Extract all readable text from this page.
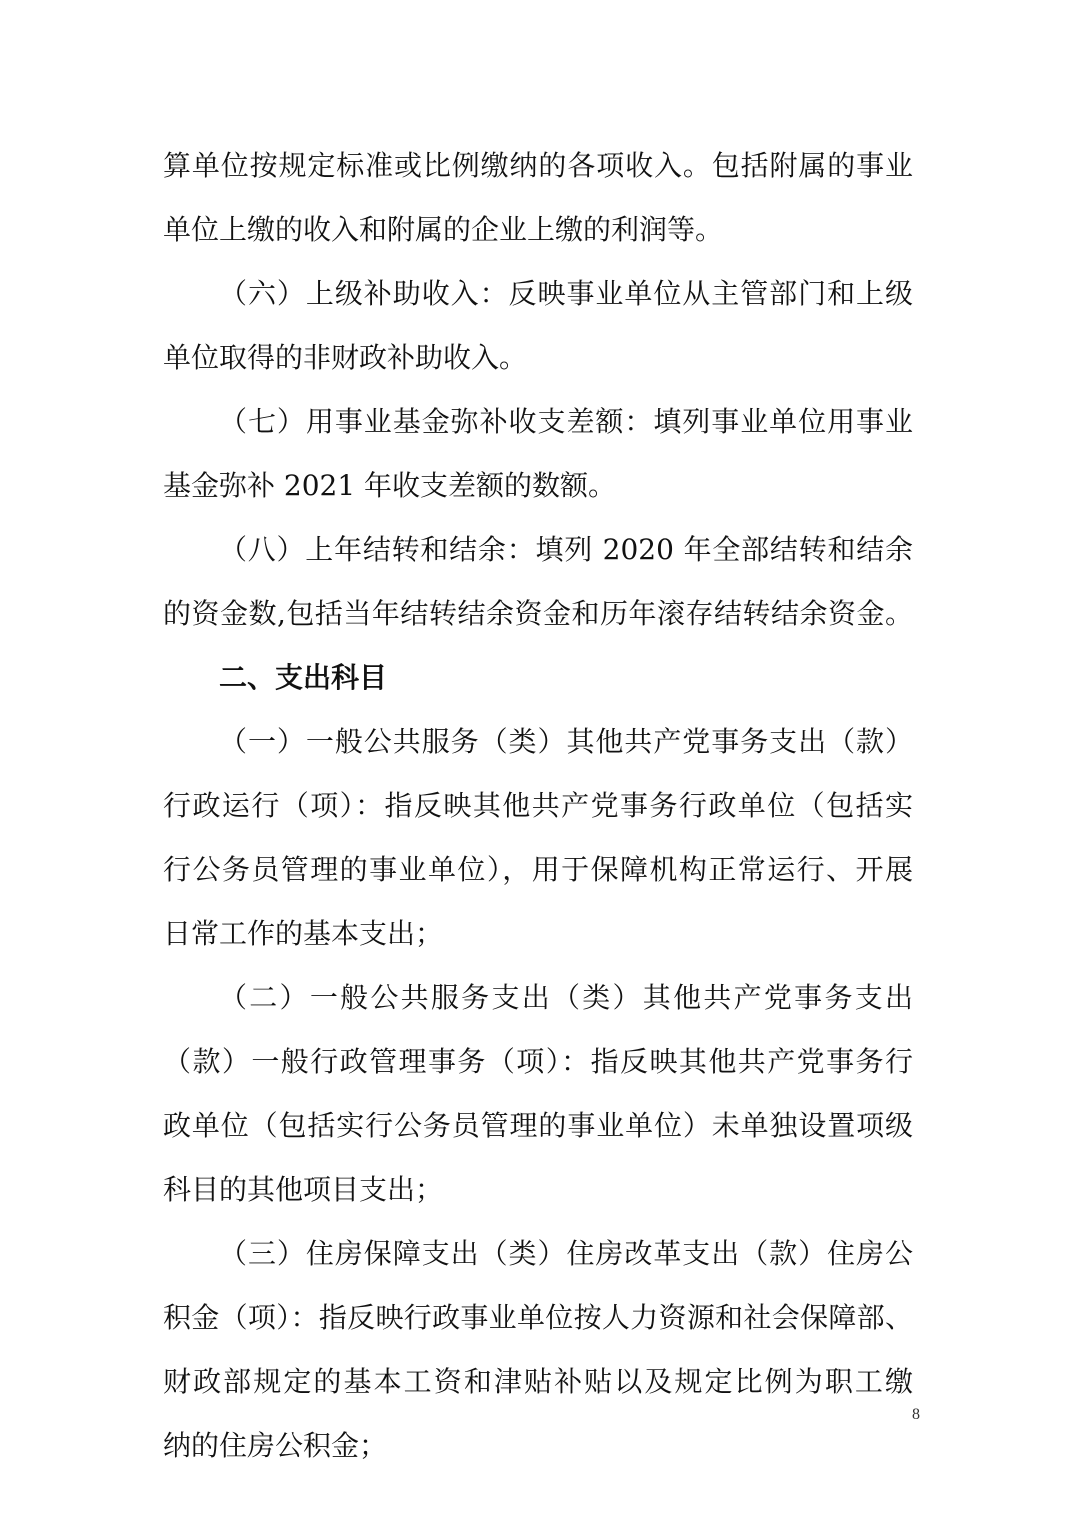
算单位按规定标准或比例缴纳的各项收入。包括附属的事业
单位上缴的收入和附属的企业上缴的利润等。
（六）上级补助收入：反映事业单位从主管部门和上级
单位取得的非财政补助收入。
（七）用事业基金弥补收支差额：填列事业单位用事业
基金弥补 2021 年收支差额的数额。
（八）上年结转和结余：填列 2020 年全部结转和结余
的资金数,包括当年结转结余资金和历年滚存结转结余资金。
二、支出科目
（一）一般公共服务（类）其他共产党事务支出（款）
行政运行（项）：指反映其他共产党事务行政单位（包括实
行公务员管理的事业单位），用于保障机构正常运行、开展
日常工作的基本支出；
（二）一般公共服务支出（类）其他共产党事务支出
（款）一般行政管理事务（项）：指反映其他共产党事务行
政单位（包括实行公务员管理的事业单位）未单独设置项级
科目的其他项目支出；
（三）住房保障支出（类）住房改革支出（款）住房公
积金（项）：指反映行政事业单位按人力资源和社会保障部、
财政部规定的基本工资和津贴补贴以及规定比例为职工缴
纳的住房公积金；
8
